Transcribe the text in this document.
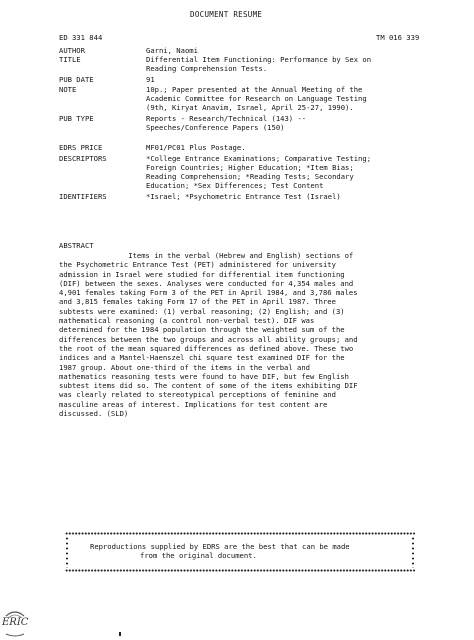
DOCUMENT RESUME
ED 331 844	TM 016 339
AUTHOR	Garni, Naomi
TITLE	Differential Item Functioning: Performance by Sex on
Reading Comprehension Tests.
PUB DATE	91
NOTE	10p.; Paper presented at the Annual Meeting of the
Academic Committee for Research on Language Testing
(9th, Kiryat Anavim, Israel, April 25-27, 1990).
PUB TYPE	Reports - Research/Technical (143) --
Speeches/Conference Papers (150)
EDRS PRICE	MF01/PC01 Plus Postage.
DESCRIPTORS	*College Entrance Examinations; Comparative Testing;
Foreign Countries; Higher Education; *Item Bias;
Reading Comprehension; *Reading Tests; Secondary
Education; *Sex Differences; Test Content
IDENTIFIERS	*Israel; *Psychometric Entrance Test (Israel)
ABSTRACT
Items in the verbal (Hebrew and English) sections of
the Psychometric Entrance Test (PET) administered for university
admission in Israel were studied for differential item functioning
(DIF) between the sexes. Analyses were conducted for 4,354 males and
4,901 females taking Form 3 of the PET in April 1984, and 3,786 males
and 3,815 females taking Form 17 of the PET in April 1987. Three
subtests were examined: (1) verbal reasoning; (2) English; and (3)
mathematical reasoning (a control non-verbal test). DIF was
determined for the 1984 population through the weighted sum of the
differences between the two groups and across all ability groups; and
the root of the mean squared differences as defined above. These two
indices and a Mantel-Haenszel chi square test examined DIF for the
1987 group. About one-third of the items in the verbal and
mathematics reasoning tests were found to have DIF, but few English
subtest items did so. The content of some of the items exhibiting DIF
was clearly related to stereotypical perceptions of feminine and
masculine areas of interest. Implications for test content are
discussed. (SLD)
Reproductions supplied by EDRS are the best that can be made
from the original document.
ERIC
